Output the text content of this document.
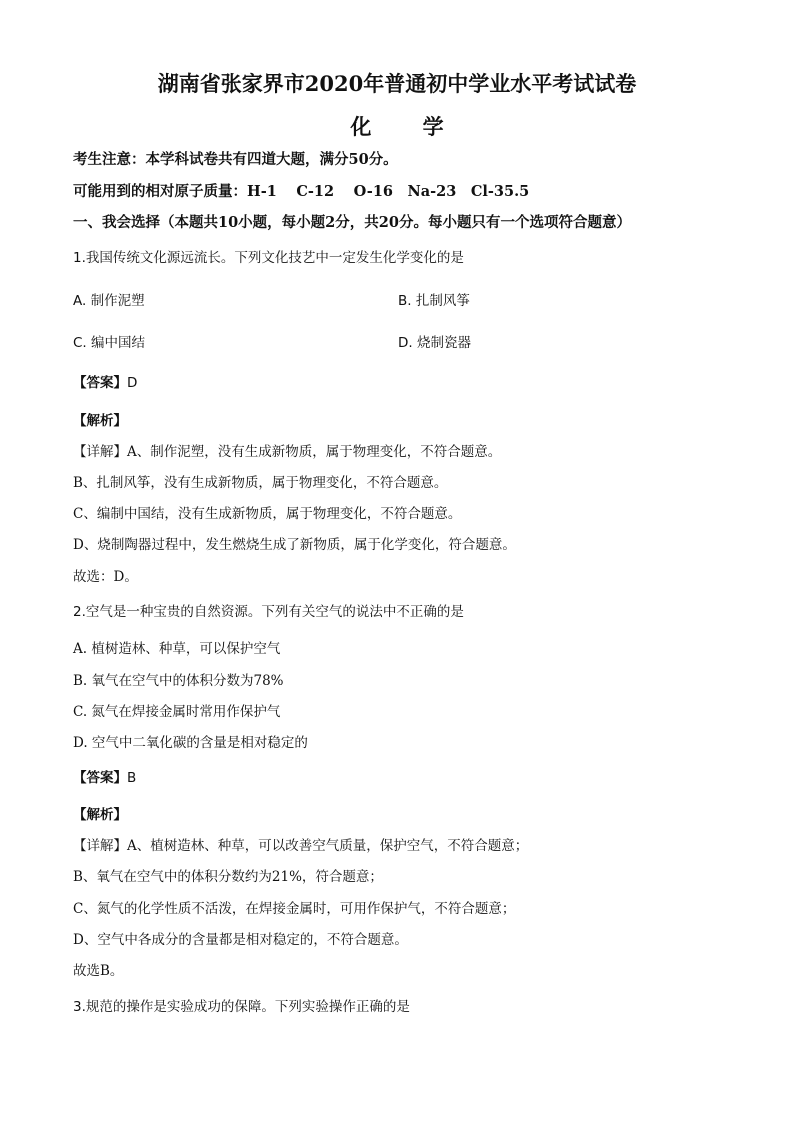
湖南省张家界市2020年普通初中学业水平考试试卷
化 学
考生注意：本学科试卷共有四道大题，满分50分。
可能用到的相对原子质量：H-1　 C-12　 O-16　Na-23　Cl-35.5
一、我会选择（本题共10小题，每小题2分，共20分。每小题只有一个选项符合题意）
1.我国传统文化源远流长。下列文化技艺中一定发生化学变化的是
A. 制作泥塑	B. 扎制风筝
C. 编中国结	D. 烧制瓷器
【答案】D
【解析】
【详解】A、制作泥塑，没有生成新物质，属于物理变化，不符合题意。
B、扎制风筝，没有生成新物质，属于物理变化，不符合题意。
C、编制中国结，没有生成新物质，属于物理变化，不符合题意。
D、烧制陶器过程中，发生燃烧生成了新物质，属于化学变化，符合题意。
故选：D。
2.空气是一种宝贵的自然资源。下列有关空气的说法中不正确的是
A. 植树造林、种草，可以保护空气
B. 氧气在空气中的体积分数为78%
C. 氮气在焊接金属时常用作保护气
D. 空气中二氧化碳的含量是相对稳定的
【答案】B
【解析】
【详解】A、植树造林、种草，可以改善空气质量，保护空气，不符合题意；
B、氧气在空气中的体积分数约为21%，符合题意；
C、氮气的化学性质不活泼，在焊接金属时，可用作保护气，不符合题意；
D、空气中各成分的含量都是相对稳定的，不符合题意。
故选B。
3.规范的操作是实验成功的保障。下列实验操作正确的是
